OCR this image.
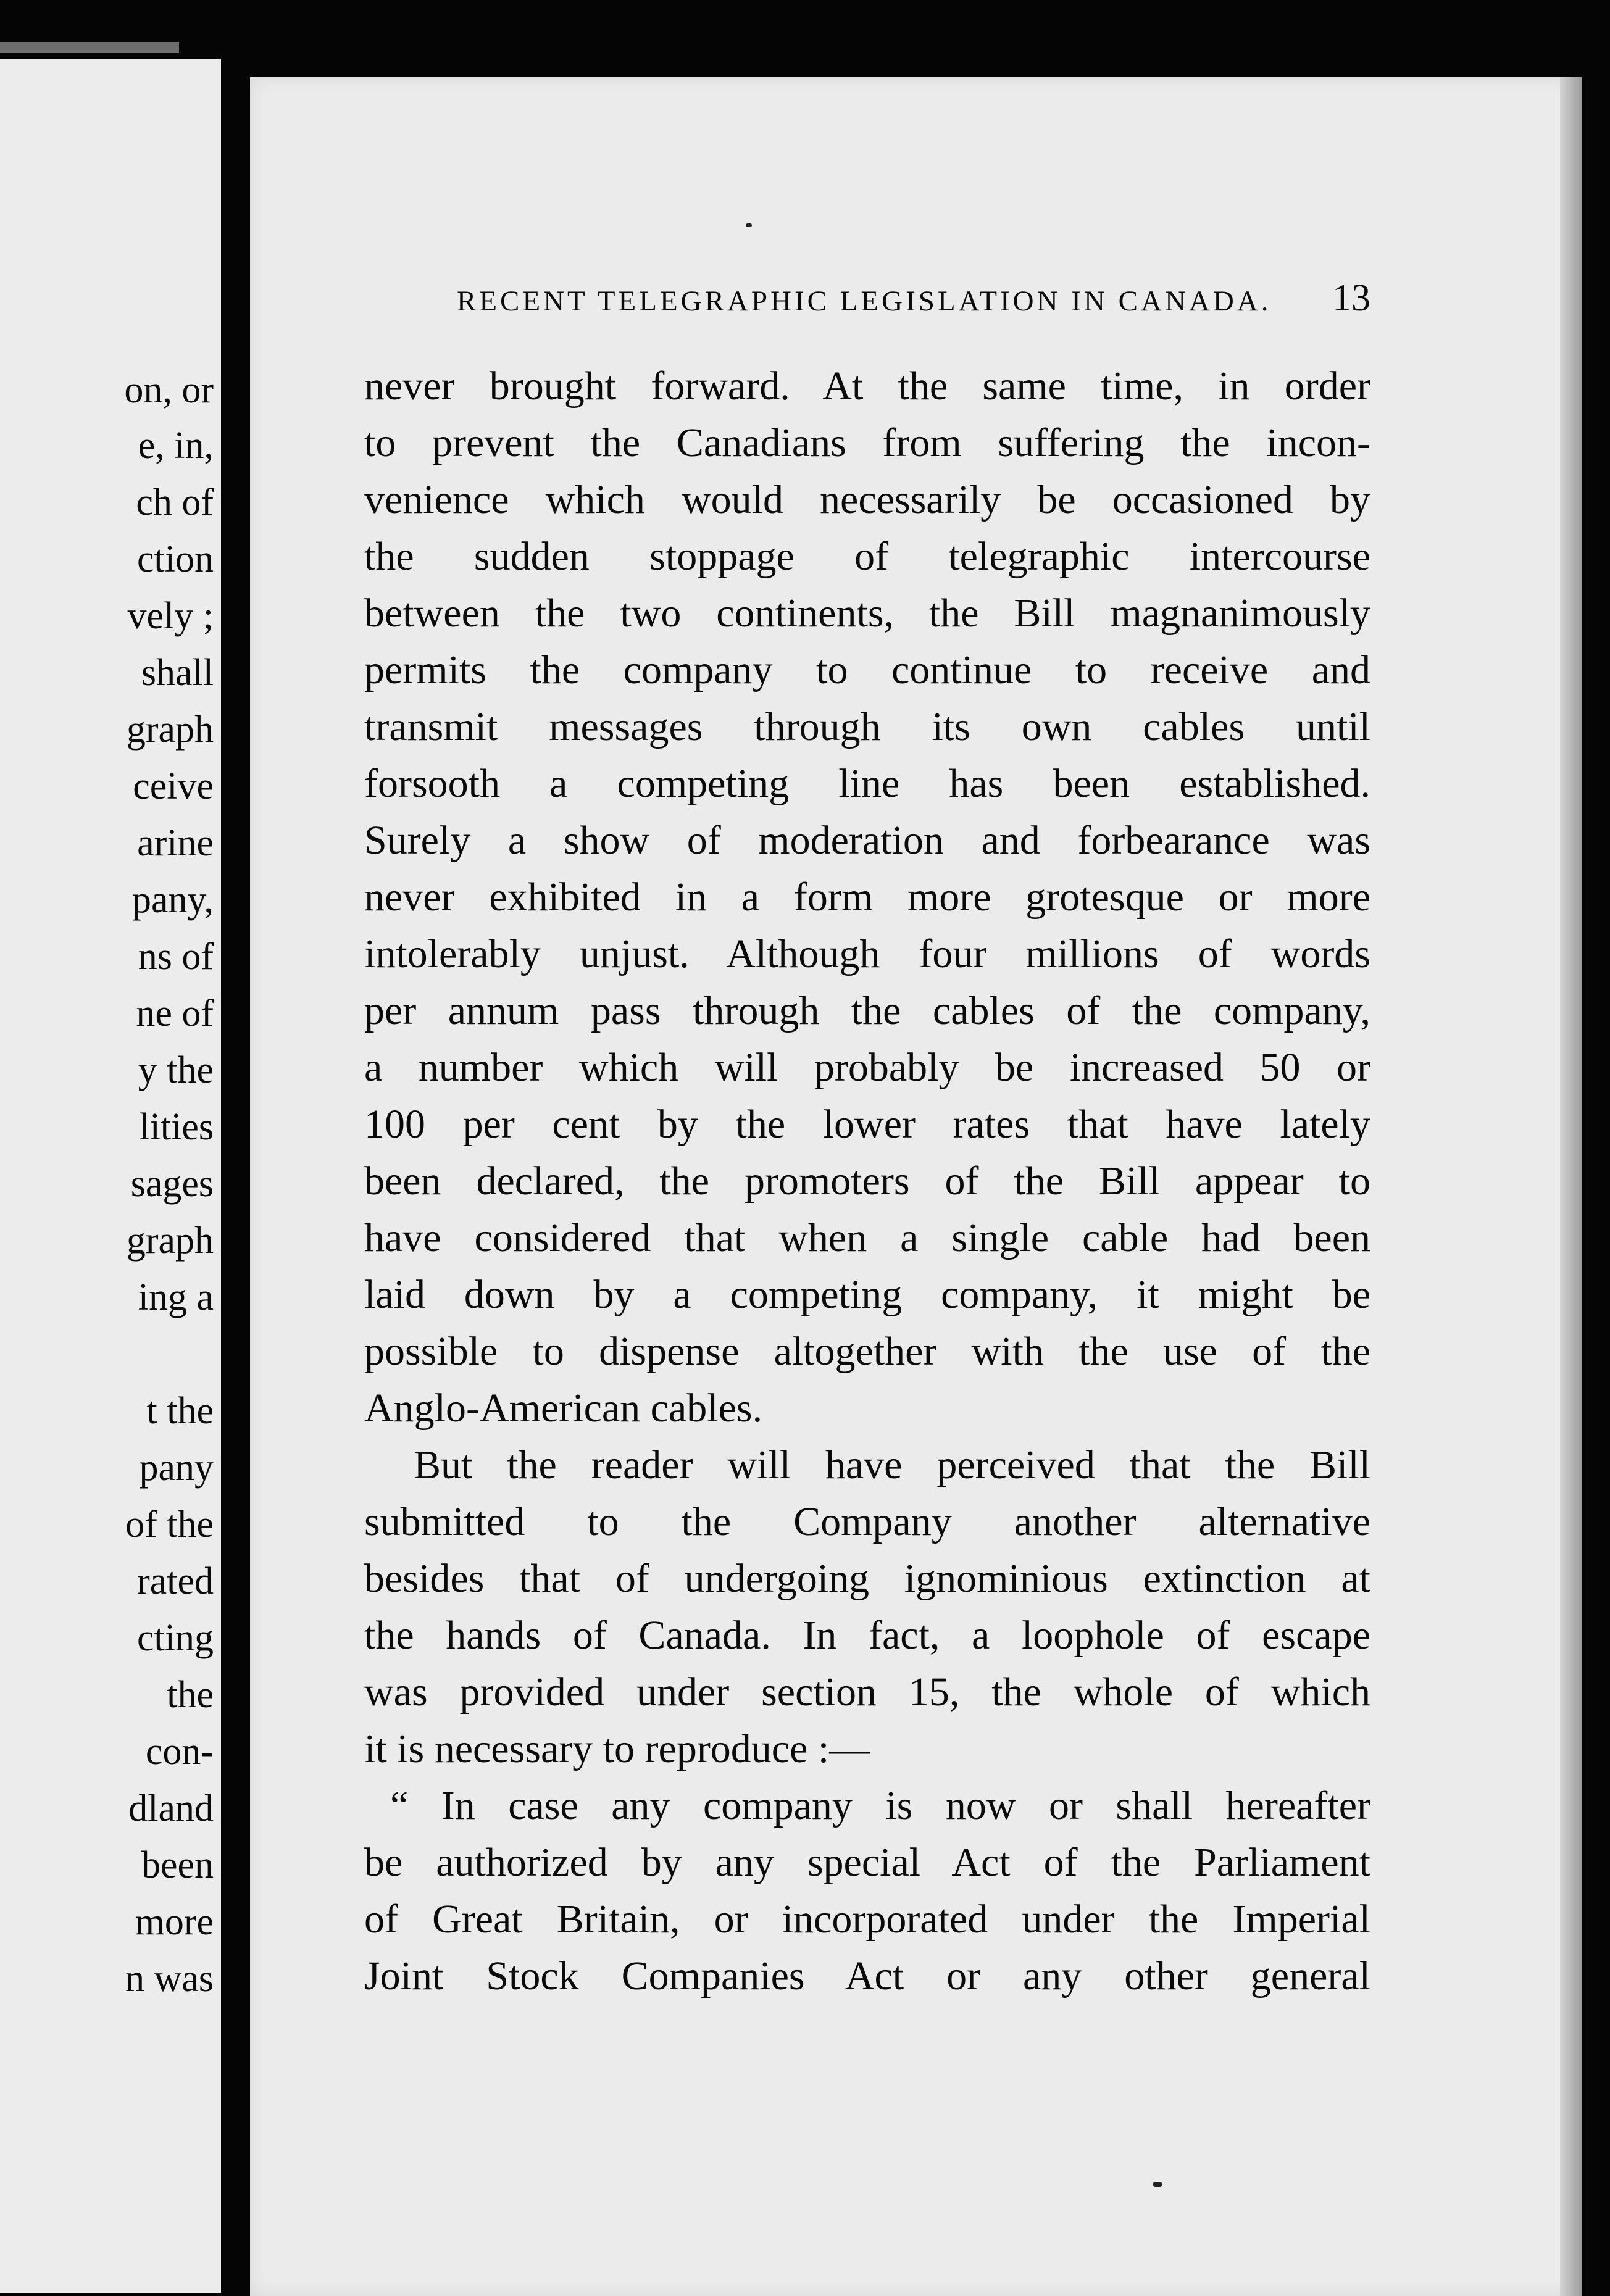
on, or
e, in,
ch of
ction
vely ;
shall
graph
ceive
arine
pany,
ns of
ne of
y the
lities
sages
graph
ing a
t the
pany
of the
rated
cting
the
con-
dland
been
more
n was
RECENT TELEGRAPHIC LEGISLATION IN CANADA. 13
never brought forward. At the same time, in order
to prevent the Canadians from suffering the incon-
venience which would necessarily be occasioned by
the sudden stoppage of telegraphic intercourse
between the two continents, the Bill magnanimously
permits the company to continue to receive and
transmit messages through its own cables until
forsooth a competing line has been established.
Surely a show of moderation and forbearance was
never exhibited in a form more grotesque or more
intolerably unjust. Although four millions of words
per annum pass through the cables of the company,
a number which will probably be increased 50 or
100 per cent by the lower rates that have lately
been declared, the promoters of the Bill appear to
have considered that when a single cable had been
laid down by a competing company, it might be
possible to dispense altogether with the use of the
Anglo-American cables.
But the reader will have perceived that the Bill
submitted to the Company another alternative
besides that of undergoing ignominious extinction at
the hands of Canada. In fact, a loophole of escape
was provided under section 15, the whole of which
it is necessary to reproduce :—
“ In case any company is now or shall hereafter
be authorized by any special Act of the Parliament
of Great Britain, or incorporated under the Imperial
Joint Stock Companies Act or any other general
